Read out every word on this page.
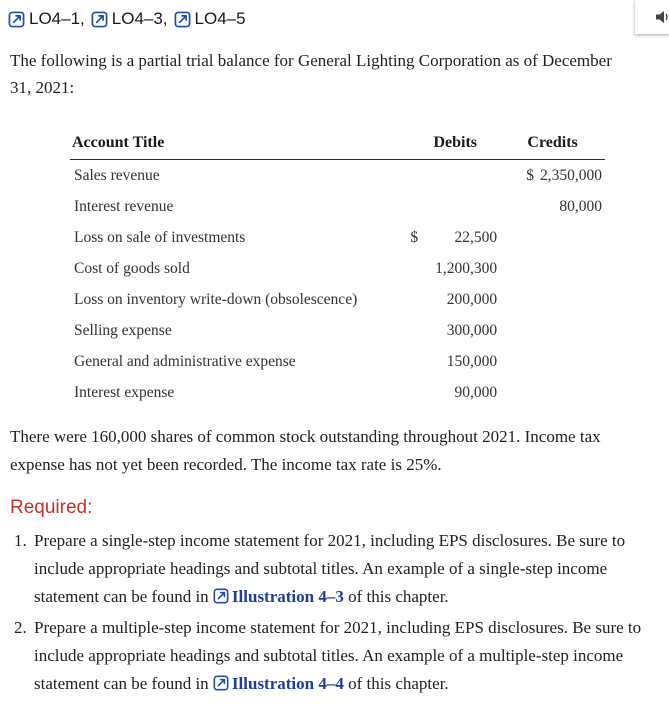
LO4–1, LO4–3, LO4–5

The following is a partial trial balance for General Lighting Corporation as of December 31, 2021:

Account Title	Debits	Credits
Sales revenue		$ 2,350,000
Interest revenue		80,000
Loss on sale of investments	$ 22,500	
Cost of goods sold	1,200,300	
Loss on inventory write-down (obsolescence)	200,000	
Selling expense	300,000	
General and administrative expense	150,000	
Interest expense	90,000	

There were 160,000 shares of common stock outstanding throughout 2021. Income tax expense has not yet been recorded. The income tax rate is 25%.

Required:
1. Prepare a single-step income statement for 2021, including EPS disclosures. Be sure to include appropriate headings and subtotal titles. An example of a single-step income statement can be found in Illustration 4–3 of this chapter.
2. Prepare a multiple-step income statement for 2021, including EPS disclosures. Be sure to include appropriate headings and subtotal titles. An example of a multiple-step income statement can be found in Illustration 4–4 of this chapter.
